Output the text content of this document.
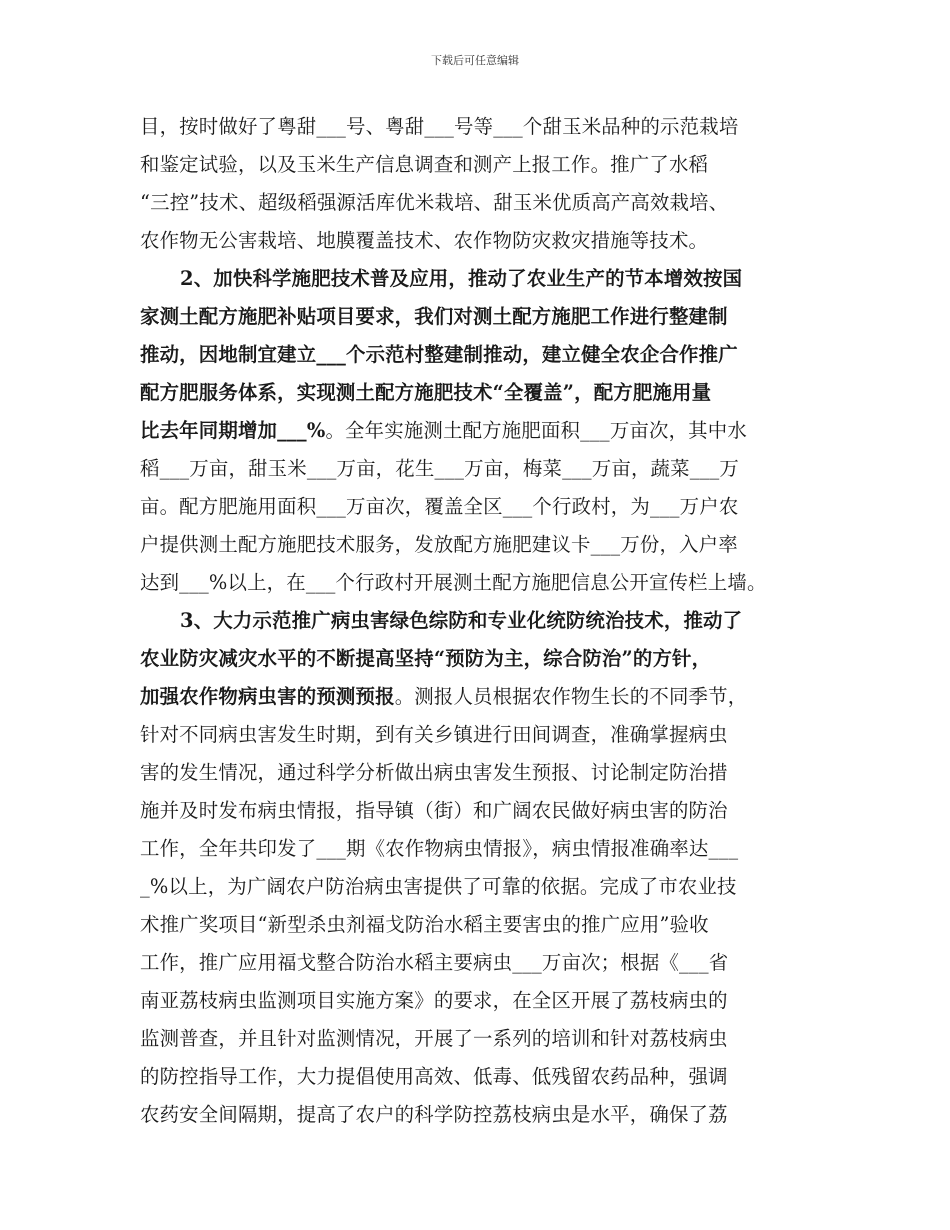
下载后可任意编辑
目，按时做好了粤甜___号、粤甜___号等___个甜玉米品种的示范栽培
和鉴定试验，以及玉米生产信息调查和测产上报工作。推广了水稻
“三控”技术、超级稻强源活库优米栽培、甜玉米优质高产高效栽培、
农作物无公害栽培、地膜覆盖技术、农作物防灾救灾措施等技术。
2、加快科学施肥技术普及应用，推动了农业生产的节本增效按国
家测土配方施肥补贴项目要求，我们对测土配方施肥工作进行整建制
推动，因地制宜建立___个示范村整建制推动，建立健全农企合作推广
配方肥服务体系，实现测土配方施肥技术“全覆盖”，配方肥施用量
比去年同期增加___%。全年实施测土配方施肥面积___万亩次，其中水
稻___万亩，甜玉米___万亩，花生___万亩，梅菜___万亩，蔬菜___万
亩。配方肥施用面积___万亩次，覆盖全区___个行政村，为___万户农
户提供测土配方施肥技术服务，发放配方施肥建议卡___万份，入户率
达到___%以上，在___个行政村开展测土配方施肥信息公开宣传栏上墙。
3、大力示范推广病虫害绿色综防和专业化统防统治技术，推动了
农业防灾减灾水平的不断提高坚持“预防为主，综合防治”的方针，
加强农作物病虫害的预测预报。测报人员根据农作物生长的不同季节，
针对不同病虫害发生时期，到有关乡镇进行田间调查，准确掌握病虫
害的发生情况，通过科学分析做出病虫害发生预报、讨论制定防治措
施并及时发布病虫情报，指导镇（街）和广阔农民做好病虫害的防治
工作，全年共印发了___期《农作物病虫情报》，病虫情报准确率达___
_%以上，为广阔农户防治病虫害提供了可靠的依据。完成了市农业技
术推广奖项目“新型杀虫剂福戈防治水稻主要害虫的推广应用”验收
工作，推广应用福戈整合防治水稻主要病虫___万亩次；根据《___省
南亚荔枝病虫监测项目实施方案》的要求，在全区开展了荔枝病虫的
监测普查，并且针对监测情况，开展了一系列的培训和针对荔枝病虫
的防控指导工作，大力提倡使用高效、低毒、低残留农药品种，强调
农药安全间隔期，提高了农户的科学防控荔枝病虫是水平，确保了荔
